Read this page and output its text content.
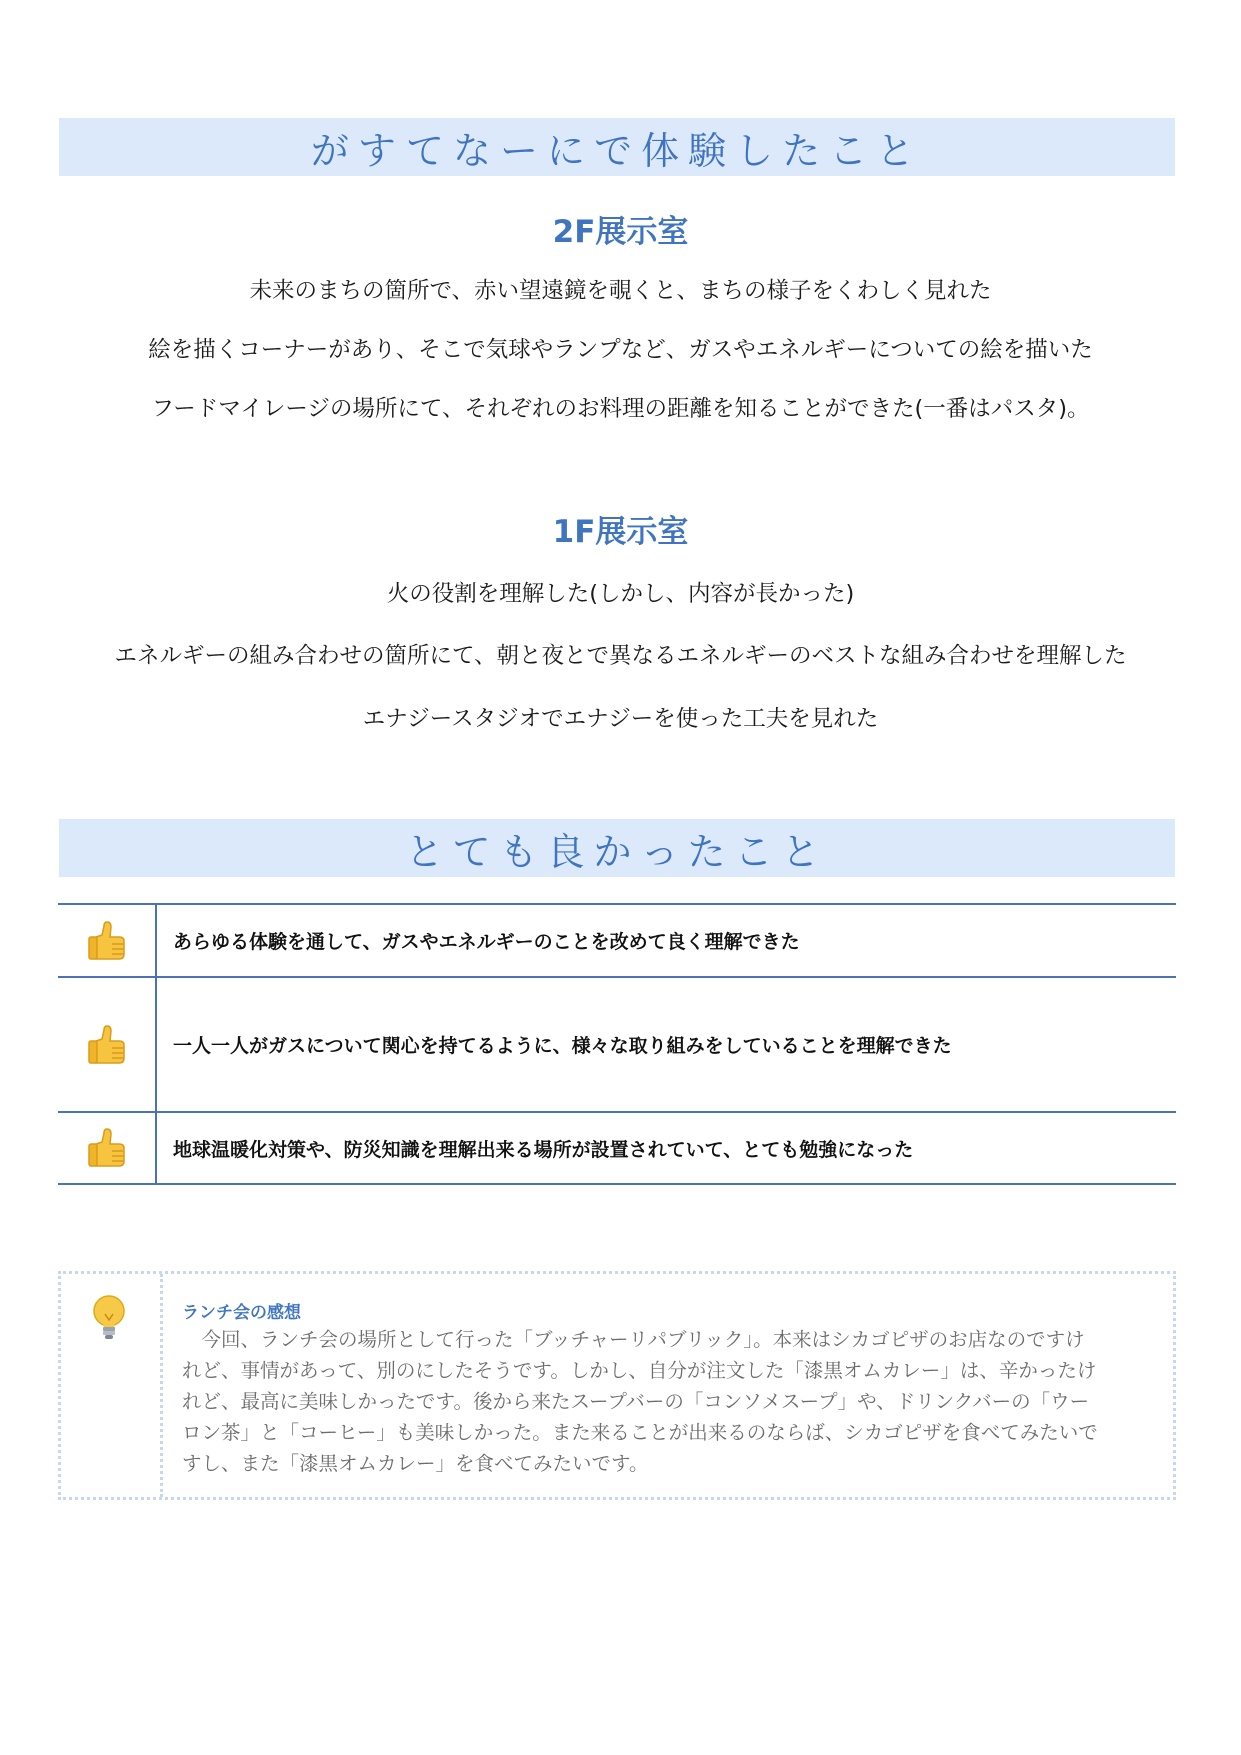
がすてなーにで体験したこと
2F展示室
未来のまちの箇所で、赤い望遠鏡を覗くと、まちの様子をくわしく見れた
絵を描くコーナーがあり、そこで気球やランプなど、ガスやエネルギーについての絵を描いた
フードマイレージの場所にて、それぞれのお料理の距離を知ることができた(一番はパスタ)。
1F展示室
火の役割を理解した(しかし、内容が長かった)
エネルギーの組み合わせの箇所にて、朝と夜とで異なるエネルギーのベストな組み合わせを理解した
エナジースタジオでエナジーを使った工夫を見れた
とても良かったこと
あらゆる体験を通して、ガスやエネルギーのことを改めて良く理解できた
一人一人がガスについて関心を持てるように、様々な取り組みをしていることを理解できた
地球温暖化対策や、防災知識を理解出来る場所が設置されていて、とても勉強になった
ランチ会の感想

　今回、ランチ会の場所として行った「ブッチャーリパブリック」。本来はシカゴピザのお店なのですけ

れど、事情があって、別のにしたそうです。しかし、自分が注文した「漆黒オムカレー」は、辛かったけ

れど、最高に美味しかったです。後から来たスープバーの「コンソメスープ」や、ドリンクバーの「ウー

ロン茶」と「コーヒー」も美味しかった。また来ることが出来るのならば、シカゴピザを食べてみたいで

すし、また「漆黒オムカレー」を食べてみたいです。
